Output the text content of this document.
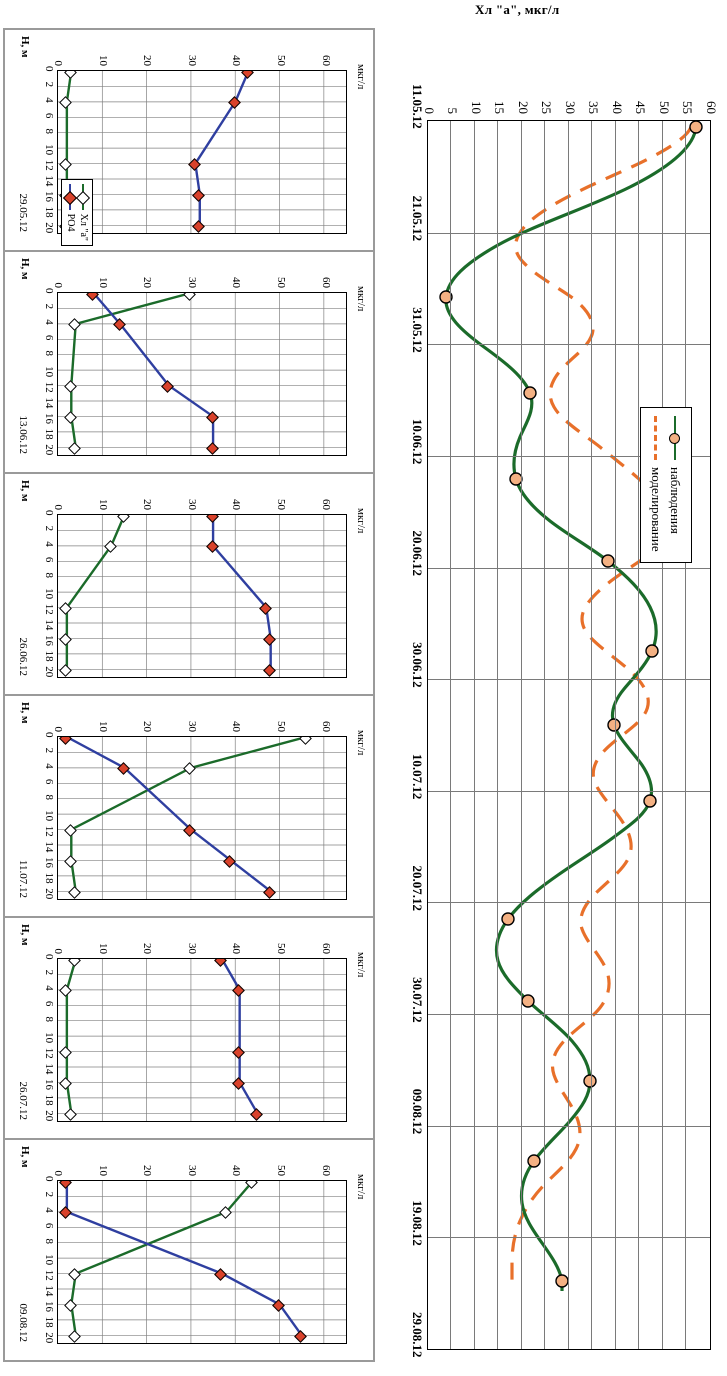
Хл "а", мкг/л
60
55
50
45
40
35
30
25
20
15
10
5
0
наблюдения
моделирование
11.05.12
21.05.12
31.05.12
10.06.12
20.06.12
30.06.12
10.07.12
20.07.12
30.07.12
09.08.12
19.08.12
29.08.12
мкг/л
0	10	20	30	40	50	60
0
2
4
6
8
10
12
14
16
18
20
Н, м
29.05.12	Хл "а"
PO4
мкг/л
0	10	20	30	40	50	60
0
2
4
6
8
10
12
14
16
18
20
Н, м
13.06.12
мкг/л
0	10	20	30	40	50	60
0
2
4
6
8
10
12
14
16
18
20
Н, м
26.06.12
мкг/л
0	10	20	30	40	50	60
0
2
4
6
8
10
12
14
16
18
20
Н, м
11.07.12
мкг/л
0	10	20	30	40	50	60
0
2
4
6
8
10
12
14
16
18
20
Н, м
26.07.12
мкг/л
0	10	20	30	40	50	60
0
2
4
6
8
10
12
14
16
18
20
Н, м
09.08.12
